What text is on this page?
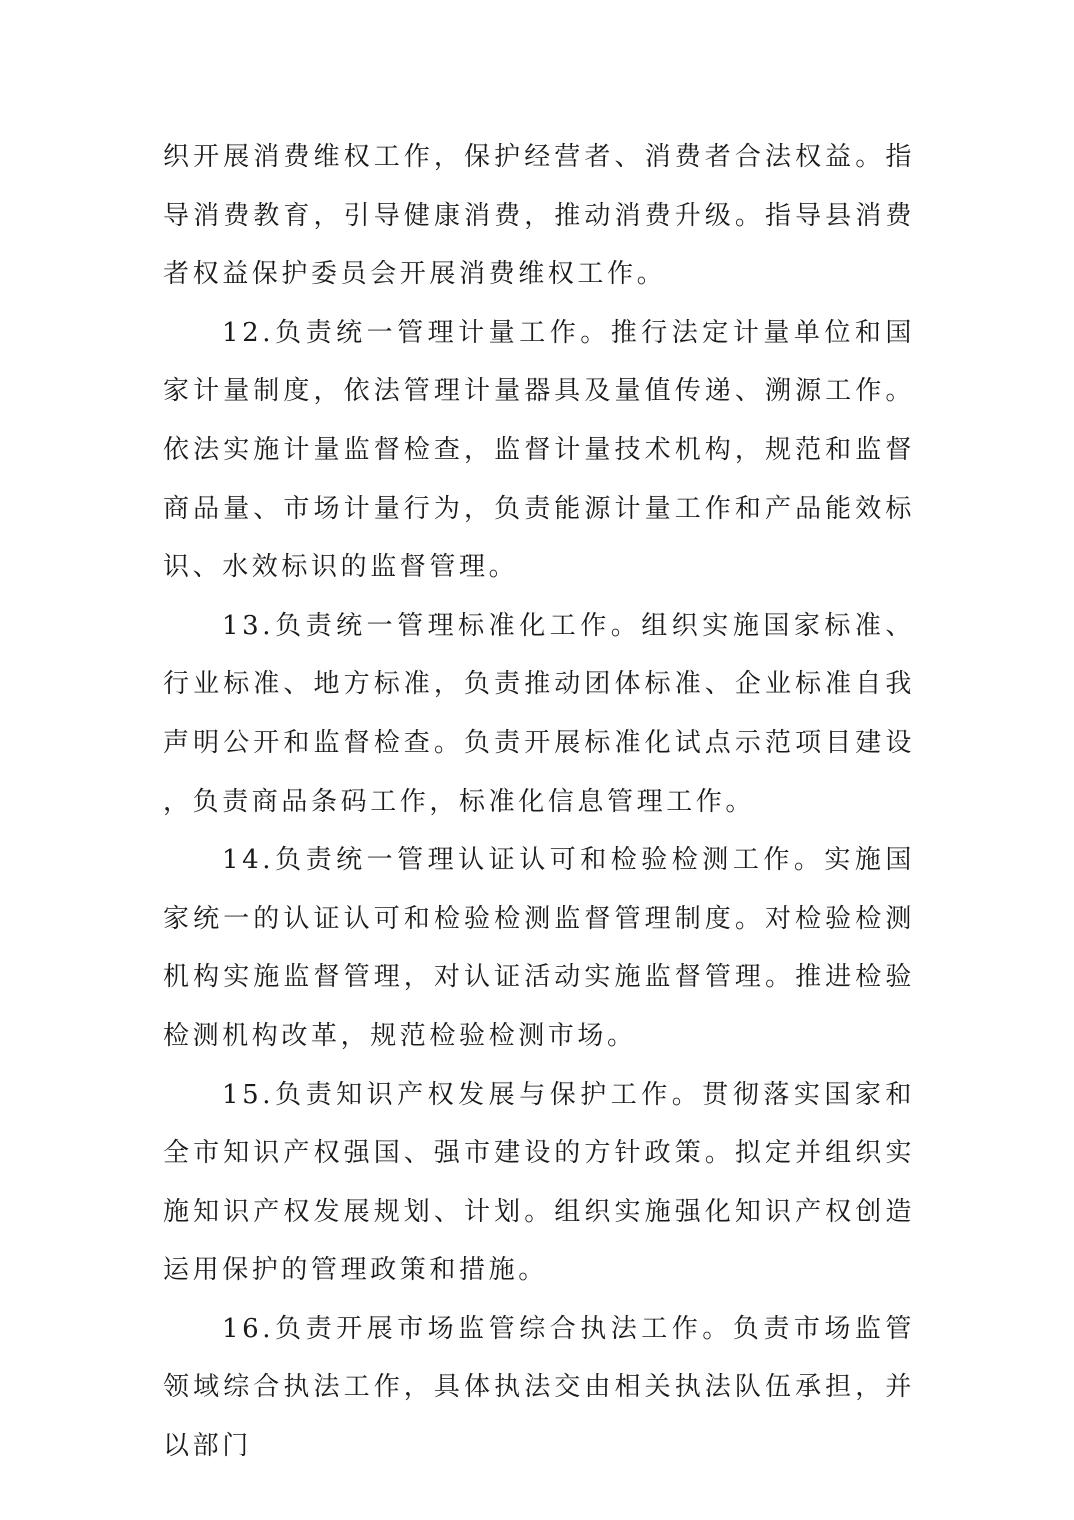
织开展消费维权工作，保护经营者、消费者合法权益。指导消费教育，引导健康消费，推动消费升级。指导县消费者权益保护委员会开展消费维权工作。

12.负责统一管理计量工作。推行法定计量单位和国家计量制度，依法管理计量器具及量值传递、溯源工作。依法实施计量监督检查，监督计量技术机构，规范和监督商品量、市场计量行为，负责能源计量工作和产品能效标识、水效标识的监督管理。

13.负责统一管理标准化工作。组织实施国家标准、行业标准、地方标准，负责推动团体标准、企业标准自我声明公开和监督检查。负责开展标准化试点示范项目建设，负责商品条码工作，标准化信息管理工作。

14.负责统一管理认证认可和检验检测工作。实施国家统一的认证认可和检验检测监督管理制度。对检验检测机构实施监督管理，对认证活动实施监督管理。推进检验检测机构改革，规范检验检测市场。

15.负责知识产权发展与保护工作。贯彻落实国家和全市知识产权强国、强市建设的方针政策。拟定并组织实施知识产权发展规划、计划。组织实施强化知识产权创造运用保护的管理政策和措施。

16.负责开展市场监管综合执法工作。负责市场监管领域综合执法工作，具体执法交由相关执法队伍承担，并以部门
